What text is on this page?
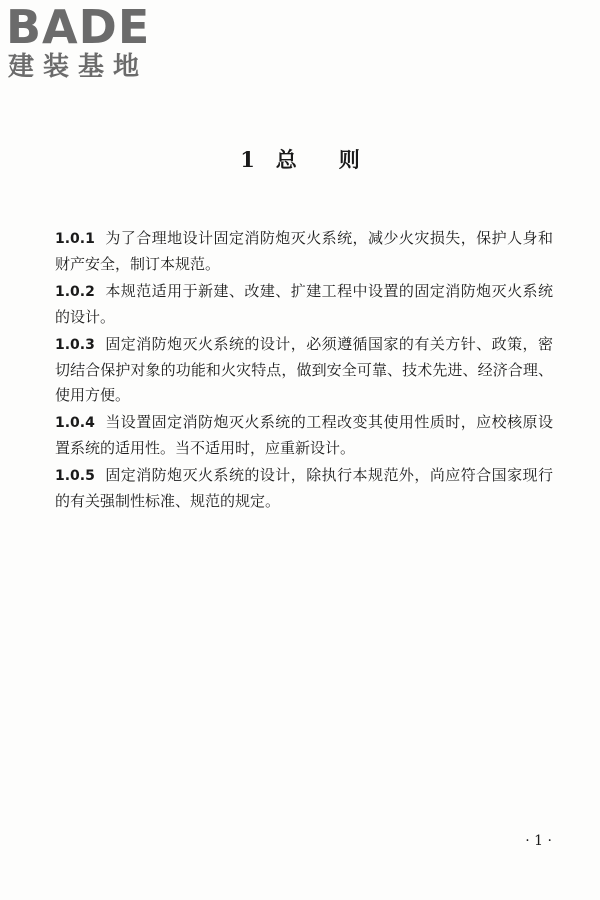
BADE
建装基地
1　总　　则

1.0.1 为了合理地设计固定消防炮灭火系统，减少火灾损失，保护人身和财产安全，制订本规范。

1.0.2 本规范适用于新建、改建、扩建工程中设置的固定消防炮灭火系统的设计。

1.0.3 固定消防炮灭火系统的设计，必须遵循国家的有关方针、政策，密切结合保护对象的功能和火灾特点，做到安全可靠、技术先进、经济合理、使用方便。

1.0.4 当设置固定消防炮灭火系统的工程改变其使用性质时，应校核原设置系统的适用性。当不适用时，应重新设计。

1.0.5 固定消防炮灭火系统的设计，除执行本规范外，尚应符合国家现行的有关强制性标准、规范的规定。

· 1 ·
